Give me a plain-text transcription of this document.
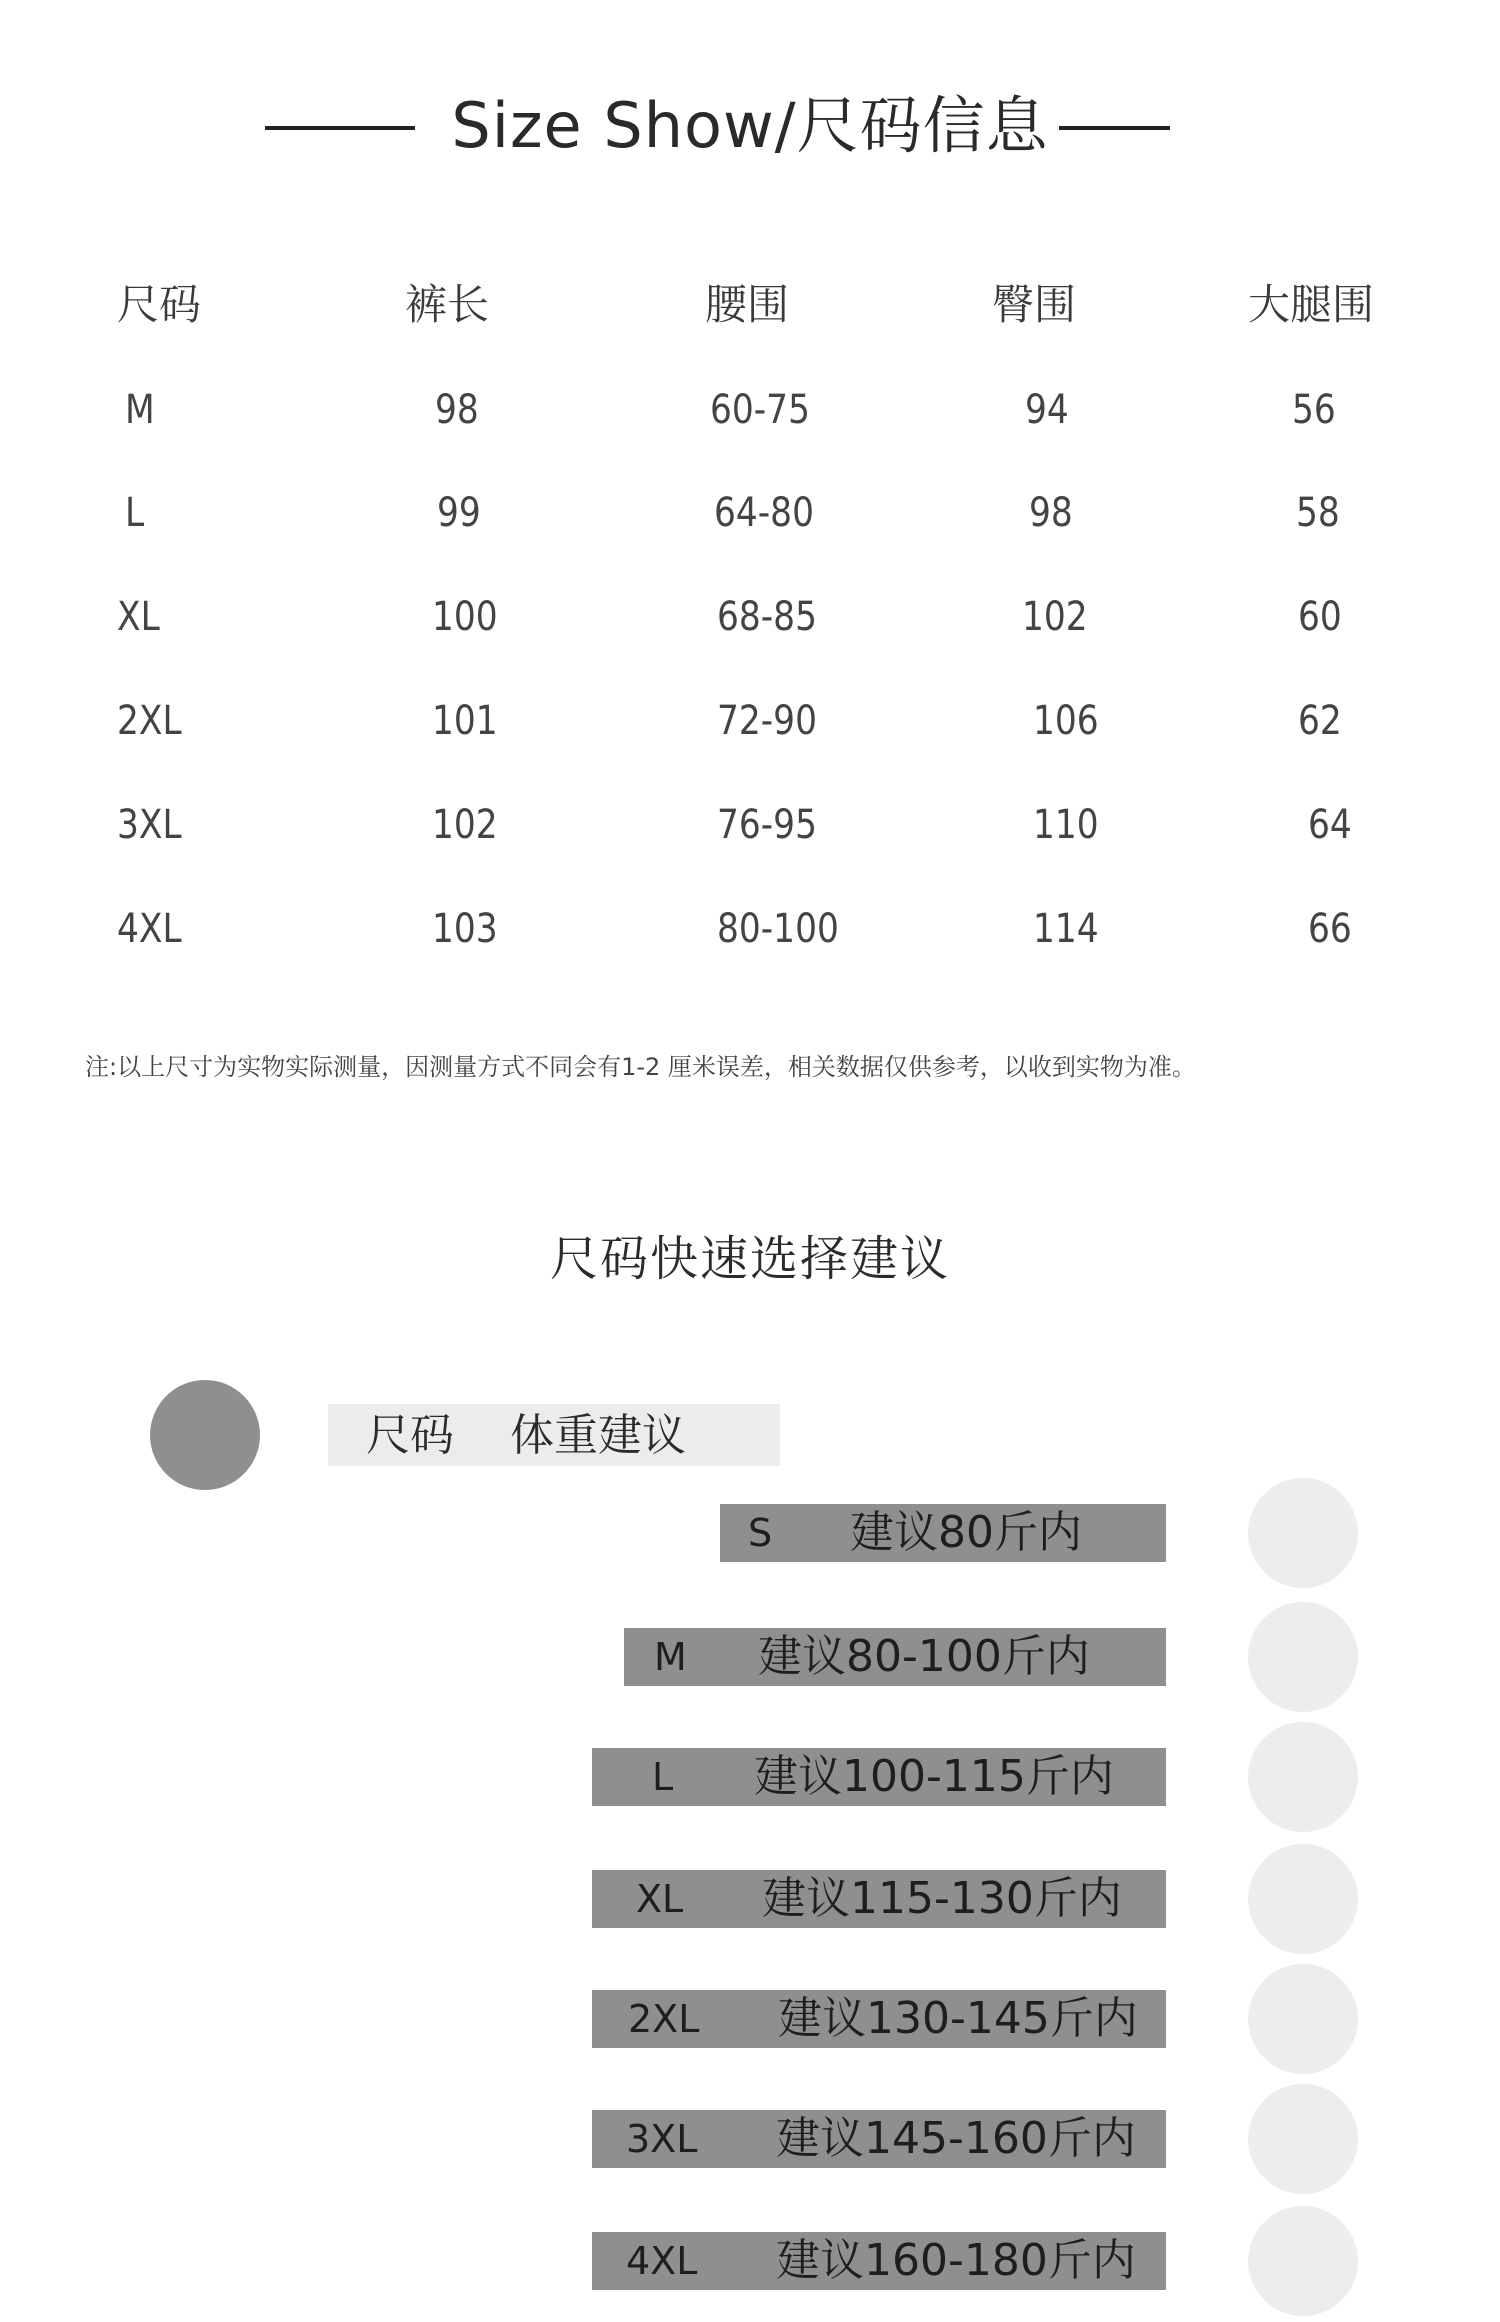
Size Show/尺码信息
尺码	裤长	腰围	臀围	大腿围
M	98	60-75	94	56
L	99	64-80	98	58
XL	100	68-85	102	60
2XL	101	72-90	106	62
3XL	102	76-95	110	64
4XL	103	80-100	114	66
注:以上尺寸为实物实际测量，因测量方式不同会有1-2 厘米误差，相关数据仅供参考，以收到实物为准。
尺码快速选择建议
尺码    体重建议
S 建议80斤内
M 建议80-100斤内
L 建议100-115斤内
XL 建议115-130斤内
2XL 建议130-145斤内
3XL 建议145-160斤内
4XL 建议160-180斤内
